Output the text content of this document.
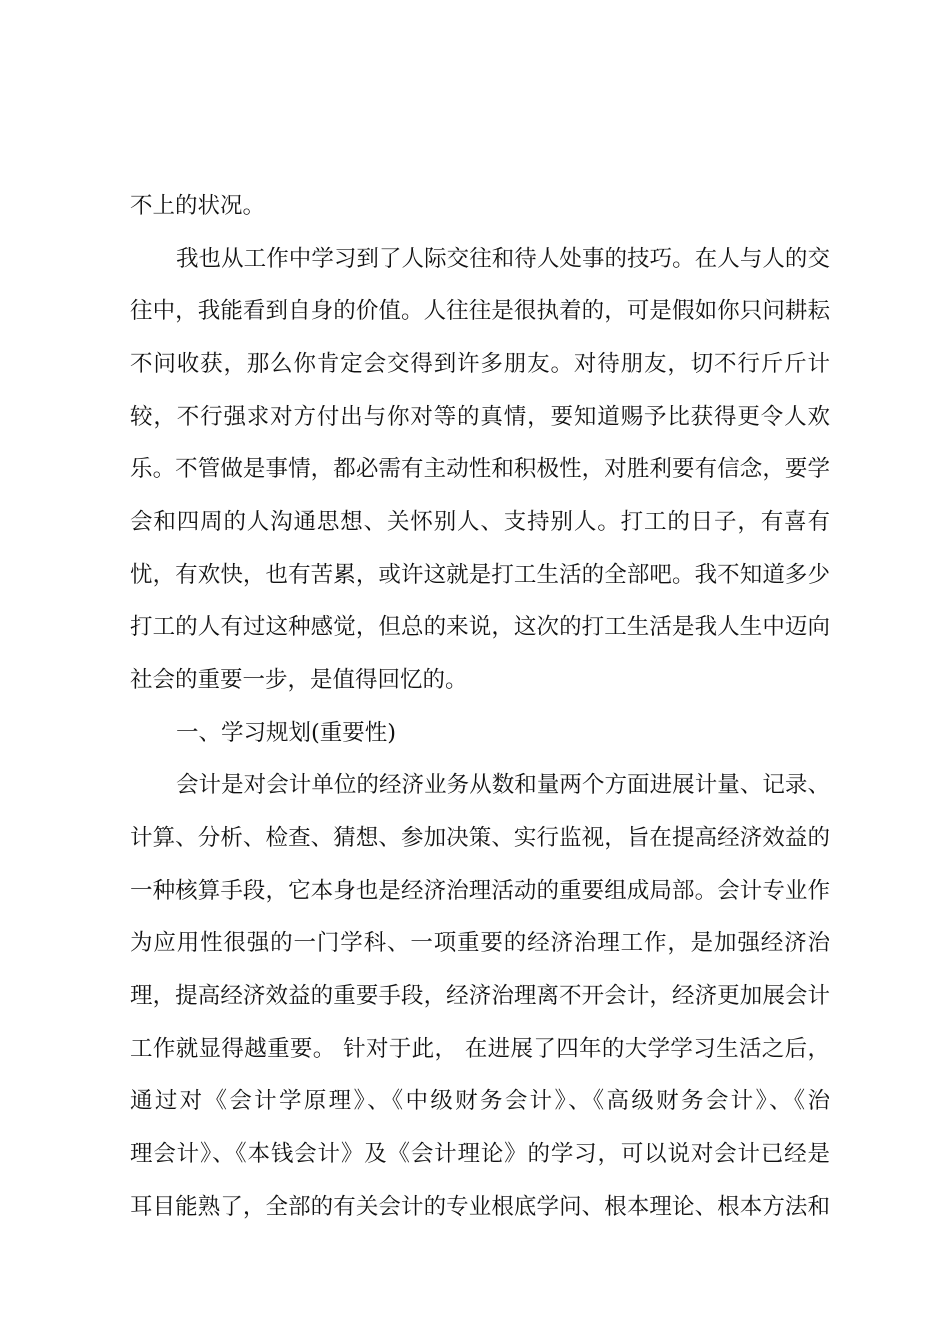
不上的状况。
我也从工作中学习到了人际交往和待人处事的技巧。在人与人的交
往中，我能看到自身的价值。人往往是很执着的，可是假如你只问耕耘
不问收获，那么你肯定会交得到许多朋友。对待朋友，切不行斤斤计
较，不行强求对方付出与你对等的真情，要知道赐予比获得更令人欢
乐。不管做是事情，都必需有主动性和积极性，对胜利要有信念，要学
会和四周的人沟通思想、关怀别人、支持别人。打工的日子，有喜有
忧，有欢快，也有苦累，或许这就是打工生活的全部吧。我不知道多少
打工的人有过这种感觉，但总的来说，这次的打工生活是我人生中迈向
社会的重要一步，是值得回忆的。
一、学习规划(重要性)
会计是对会计单位的经济业务从数和量两个方面进展计量、记录、
计算、分析、检查、猜想、参加决策、实行监视，旨在提高经济效益的
一种核算手段，它本身也是经济治理活动的重要组成局部。会计专业作
为应用性很强的一门学科、一项重要的经济治理工作，是加强经济治
理，提高经济效益的重要手段，经济治理离不开会计，经济更加展会计
工作就显得越重要。 针对于此， 在进展了四年的大学学习生活之后，
通过对《会计学原理》、《中级财务会计》、《高级财务会计》、《治
理会计》、《本钱会计》及《会计理论》的学习，可以说对会计已经是
耳目能熟了，全部的有关会计的专业根底学问、根本理论、根本方法和
